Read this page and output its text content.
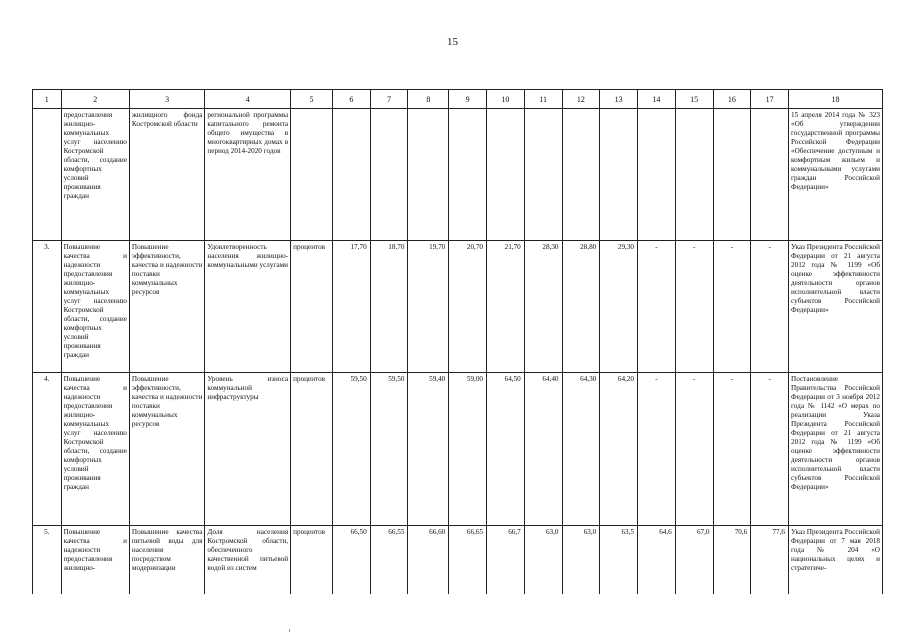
15
1	2	3	4	5	6	7	8	9	10	11	12	13	14	15	16	17	18
	предоставления жилищно-коммунальных услуг населению Костромской области, создание комфортных условий проживания граждан	жилищного фонда Костромской области	региональной программы капитального ремонта общего имущества в многоквартирных домах в период 2014-2020 годов														15 апреля 2014 года № 323 «Об утверждении государственной программы Российской Федерации «Обеспечение доступным и комфортным жильем и коммунальными услугами граждан Российской Федерации»
3.	Повышение качества и надежности предоставления жилищно-коммунальных услуг населению Костромской области, создание комфортных условий проживания граждан	Повышение эффективности, качества и надежности поставки коммунальных ресурсов	Удовлетворенность населения жилищно-коммунальными услугами	процентов	17,70	18,70	19,70	20,70	21,70	28,30	28,80	29,30	-	-	-	-	Указ Президента Российской Федерации от 21 августа 2012 года № 1199 «Об оценке эффективности деятельности органов исполнительной власти субъектов Российской Федерации»
4.	Повышение качества и надежности предоставления жилищно-коммунальных услуг населению Костромской области, создание комфортных условий проживания граждан	Повышение эффективности, качества и надежности поставки коммунальных ресурсов	Уровень износа коммунальной инфраструктуры	процентов	59,50	59,50	59,40	59,00	64,50	64,40	64,30	64,20	-	-	-	-	Постановление Правительства Российской Федерации от 3 ноября 2012 года № 1142 «О мерах по реализации Указа Президента Российской Федерации от 21 августа 2012 года № 1199 «Об оценке эффективности деятельности органов исполнительной власти субъектов Российской Федерации»
5.	Повышение качества и надежности предоставления жилищно-	Повышение качества питьевой воды для населения посредством модернизации	Доля населения Костромской области, обеспеченного качественной питьевой водой из систем	процентов	66,50	66,55	66,60	66,65	66,7	63,0	63,0	63,5	64,6	67,0	70,6	77,6	Указ Президента Российской Федерации от 7 мая 2018 года № 204 «О национальных целях и стратегиче-
